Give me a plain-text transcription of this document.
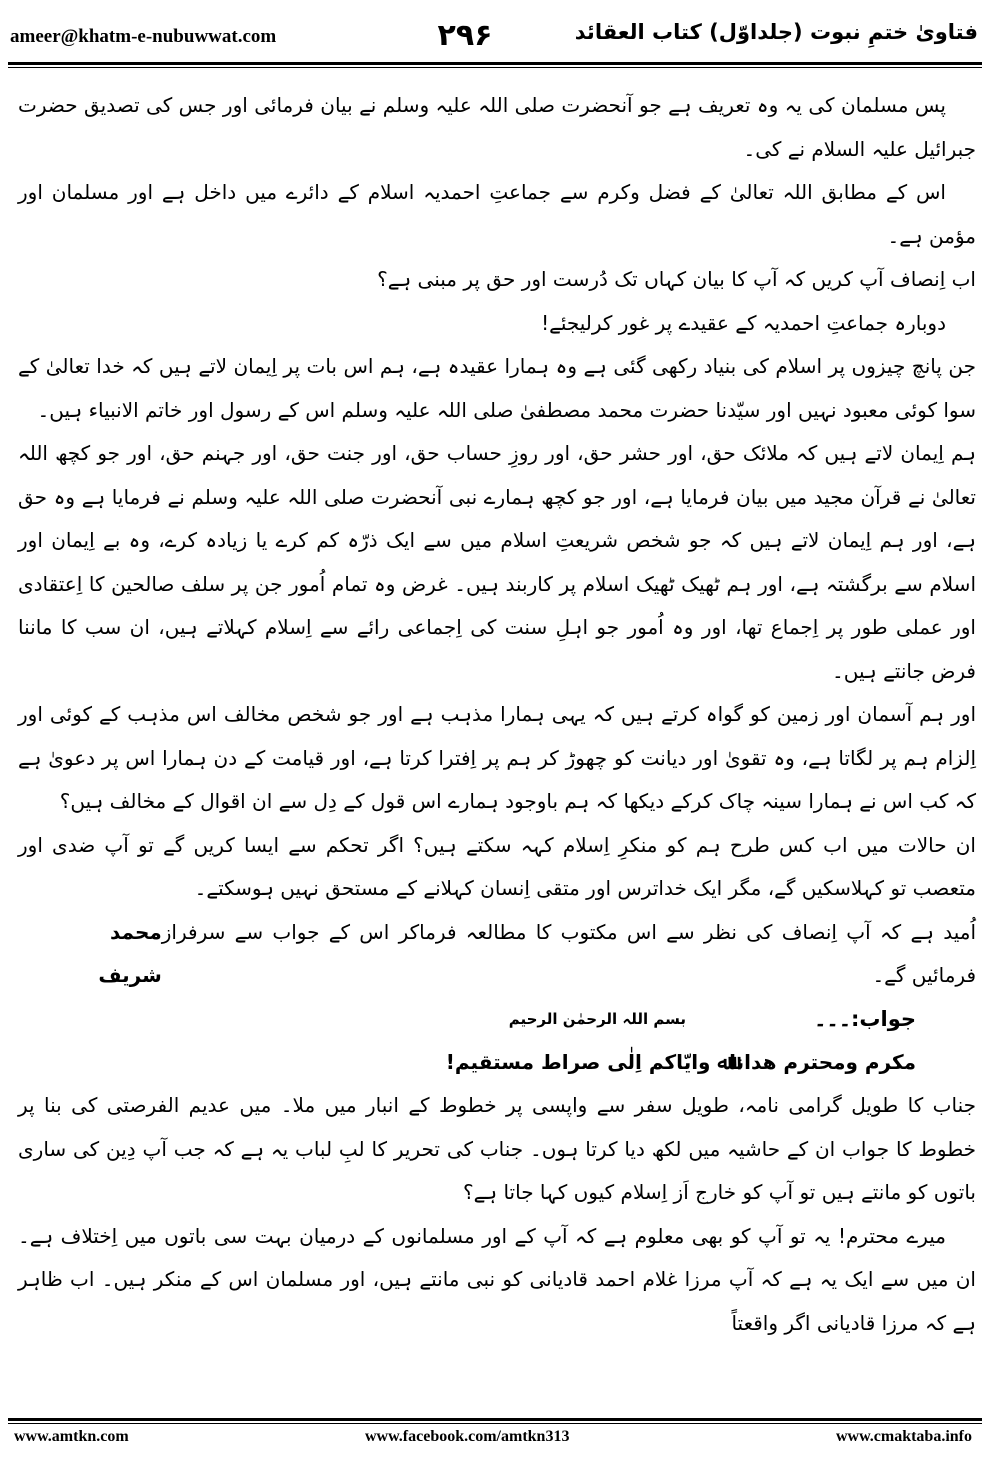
ameer@khatm-e-nubuwwat.com	۲۹۶	فتاویٰ ختمِ نبوت (جلداوّل) کتاب العقائد

پس مسلمان کی یہ وہ تعریف ہے جو آنحضرت صلی اللہ علیہ وسلم نے بیان فرمائی اور جس کی تصدیق حضرت جبرائیل علیہ السلام نے کی۔

اس کے مطابق اللہ تعالیٰ کے فضل وکرم سے جماعتِ احمدیہ اسلام کے دائرے میں داخل ہے اور مسلمان اور مؤمن ہے۔

اب اِنصاف آپ کریں کہ آپ کا بیان کہاں تک دُرست اور حق پر مبنی ہے؟

دوبارہ جماعتِ احمدیہ کے عقیدے پر غور کرلیجئے!

جن پانچ چیزوں پر اسلام کی بنیاد رکھی گئی ہے وہ ہمارا عقیدہ ہے، ہم اس بات پر اِیمان لاتے ہیں کہ خدا تعالیٰ کے سوا کوئی معبود نہیں اور سیّدنا حضرت محمد مصطفیٰ صلی اللہ علیہ وسلم اس کے رسول اور خاتم الانبیاء ہیں۔

ہم اِیمان لاتے ہیں کہ ملائک حق، اور حشر حق، اور روزِ حساب حق، اور جنت حق، اور جہنم حق، اور جو کچھ اللہ تعالیٰ نے قرآن مجید میں بیان فرمایا ہے، اور جو کچھ ہمارے نبی آنحضرت صلی اللہ علیہ وسلم نے فرمایا ہے وہ حق ہے، اور ہم اِیمان لاتے ہیں کہ جو شخص شریعتِ اسلام میں سے ایک ذرّہ کم کرے یا زیادہ کرے، وہ بے اِیمان اور اسلام سے برگشتہ ہے، اور ہم ٹھیک ٹھیک اسلام پر کاربند ہیں۔ غرض وہ تمام اُمور جن پر سلف صالحین کا اِعتقادی اور عملی طور پر اِجماع تھا، اور وہ اُمور جو اہلِ سنت کی اِجماعی رائے سے اِسلام کہلاتے ہیں، ان سب کا ماننا فرض جانتے ہیں۔

اور ہم آسمان اور زمین کو گواہ کرتے ہیں کہ یہی ہمارا مذہب ہے اور جو شخص مخالف اس مذہب کے کوئی اور اِلزام ہم پر لگاتا ہے، وہ تقویٰ اور دیانت کو چھوڑ کر ہم پر اِفترا کرتا ہے، اور قیامت کے دن ہمارا اس پر دعویٰ ہے کہ کب اس نے ہمارا سینہ چاک کرکے دیکھا کہ ہم باوجود ہمارے اس قول کے دِل سے ان اقوال کے مخالف ہیں؟

ان حالات میں اب کس طرح ہم کو منکرِ اِسلام کہہ سکتے ہیں؟ اگر تحکم سے ایسا کریں گے تو آپ ضدی اور متعصب تو کہلاسکیں گے، مگر ایک خداترس اور متقی اِنسان کہلانے کے مستحق نہیں ہوسکتے۔

اُمید ہے کہ آپ اِنصاف کی نظر سے اس مکتوب کا مطالعہ فرماکر اس کے جواب سے سرفراز فرمائیں گے۔
محمد شریف
جواب:۔۔۔
بسم اللہ الرحمٰن الرحیم
مکرم ومحترم ھداناﷲ وایّاکم اِلٰی صراط مستقیم!

جناب کا طویل گرامی نامہ، طویل سفر سے واپسی پر خطوط کے انبار میں ملا۔ میں عدیم الفرصتی کی بنا پر خطوط کا جواب ان کے حاشیہ میں لکھ دیا کرتا ہوں۔ جناب کی تحریر کا لبِ لباب یہ ہے کہ جب آپ دِین کی ساری باتوں کو مانتے ہیں تو آپ کو خارج اَز اِسلام کیوں کہا جاتا ہے؟

میرے محترم! یہ تو آپ کو بھی معلوم ہے کہ آپ کے اور مسلمانوں کے درمیان بہت سی باتوں میں اِختلاف ہے۔ ان میں سے ایک یہ ہے کہ آپ مرزا غلام احمد قادیانی کو نبی مانتے ہیں، اور مسلمان اس کے منکر ہیں۔ اب ظاہر ہے کہ مرزا قادیانی اگر واقعتاً

www.amtkn.com	www.facebook.com/amtkn313	www.cmaktaba.info
